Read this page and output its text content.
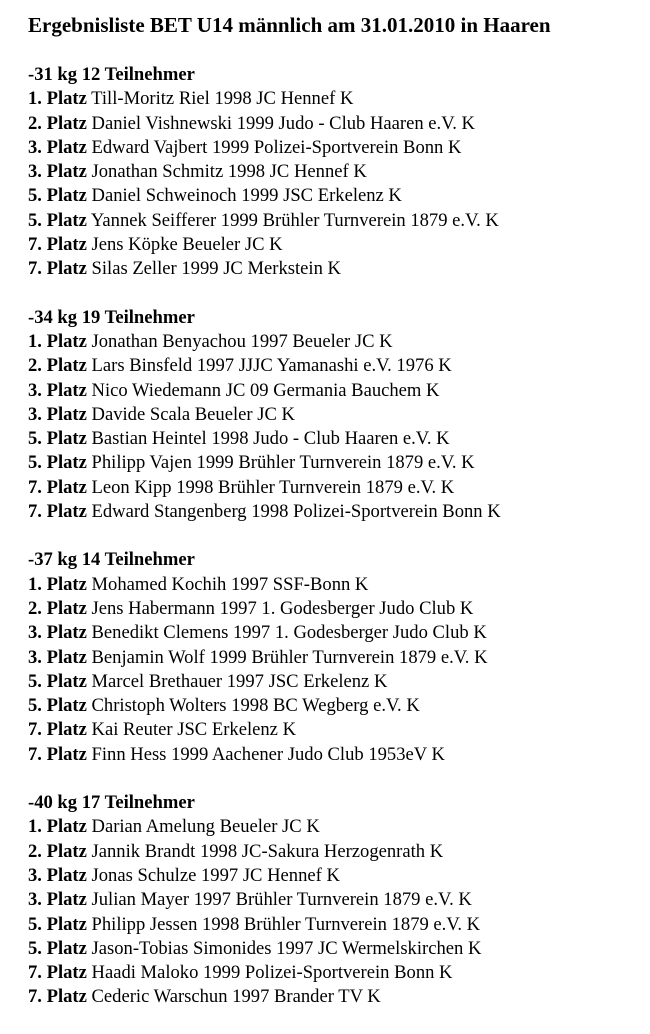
Ergebnisliste BET U14 männlich am 31.01.2010 in Haaren
-31 kg 12 Teilnehmer
1. Platz Till-Moritz Riel 1998 JC Hennef K
2. Platz Daniel Vishnewski 1999 Judo - Club Haaren e.V. K
3. Platz Edward Vajbert 1999 Polizei-Sportverein Bonn K
3. Platz Jonathan Schmitz 1998 JC Hennef K
5. Platz Daniel Schweinoch 1999 JSC Erkelenz K
5. Platz Yannek Seifferer 1999 Brühler Turnverein 1879 e.V. K
7. Platz Jens Köpke Beueler JC K
7. Platz Silas Zeller 1999 JC Merkstein K
-34 kg 19 Teilnehmer
1. Platz Jonathan Benyachou 1997 Beueler JC K
2. Platz Lars Binsfeld 1997 JJJC Yamanashi e.V. 1976 K
3. Platz Nico Wiedemann JC 09 Germania Bauchem K
3. Platz Davide Scala Beueler JC K
5. Platz Bastian Heintel 1998 Judo - Club Haaren e.V. K
5. Platz Philipp Vajen 1999 Brühler Turnverein 1879 e.V. K
7. Platz Leon Kipp 1998 Brühler Turnverein 1879 e.V. K
7. Platz Edward Stangenberg 1998 Polizei-Sportverein Bonn K
-37 kg 14 Teilnehmer
1. Platz Mohamed Kochih 1997 SSF-Bonn K
2. Platz Jens Habermann 1997 1. Godesberger Judo Club K
3. Platz Benedikt Clemens 1997 1. Godesberger Judo Club K
3. Platz Benjamin Wolf 1999 Brühler Turnverein 1879 e.V. K
5. Platz Marcel Brethauer 1997 JSC Erkelenz K
5. Platz Christoph Wolters 1998 BC Wegberg e.V. K
7. Platz Kai Reuter JSC Erkelenz K
7. Platz Finn Hess 1999 Aachener Judo Club 1953eV K
-40 kg 17 Teilnehmer
1. Platz Darian Amelung Beueler JC K
2. Platz Jannik Brandt 1998 JC-Sakura Herzogenrath K
3. Platz Jonas Schulze 1997 JC Hennef K
3. Platz Julian Mayer 1997 Brühler Turnverein 1879 e.V. K
5. Platz Philipp Jessen 1998 Brühler Turnverein 1879 e.V. K
5. Platz Jason-Tobias Simonides 1997 JC Wermelskirchen K
7. Platz Haadi Maloko 1999 Polizei-Sportverein Bonn K
7. Platz Cederic Warschun 1997 Brander TV K
